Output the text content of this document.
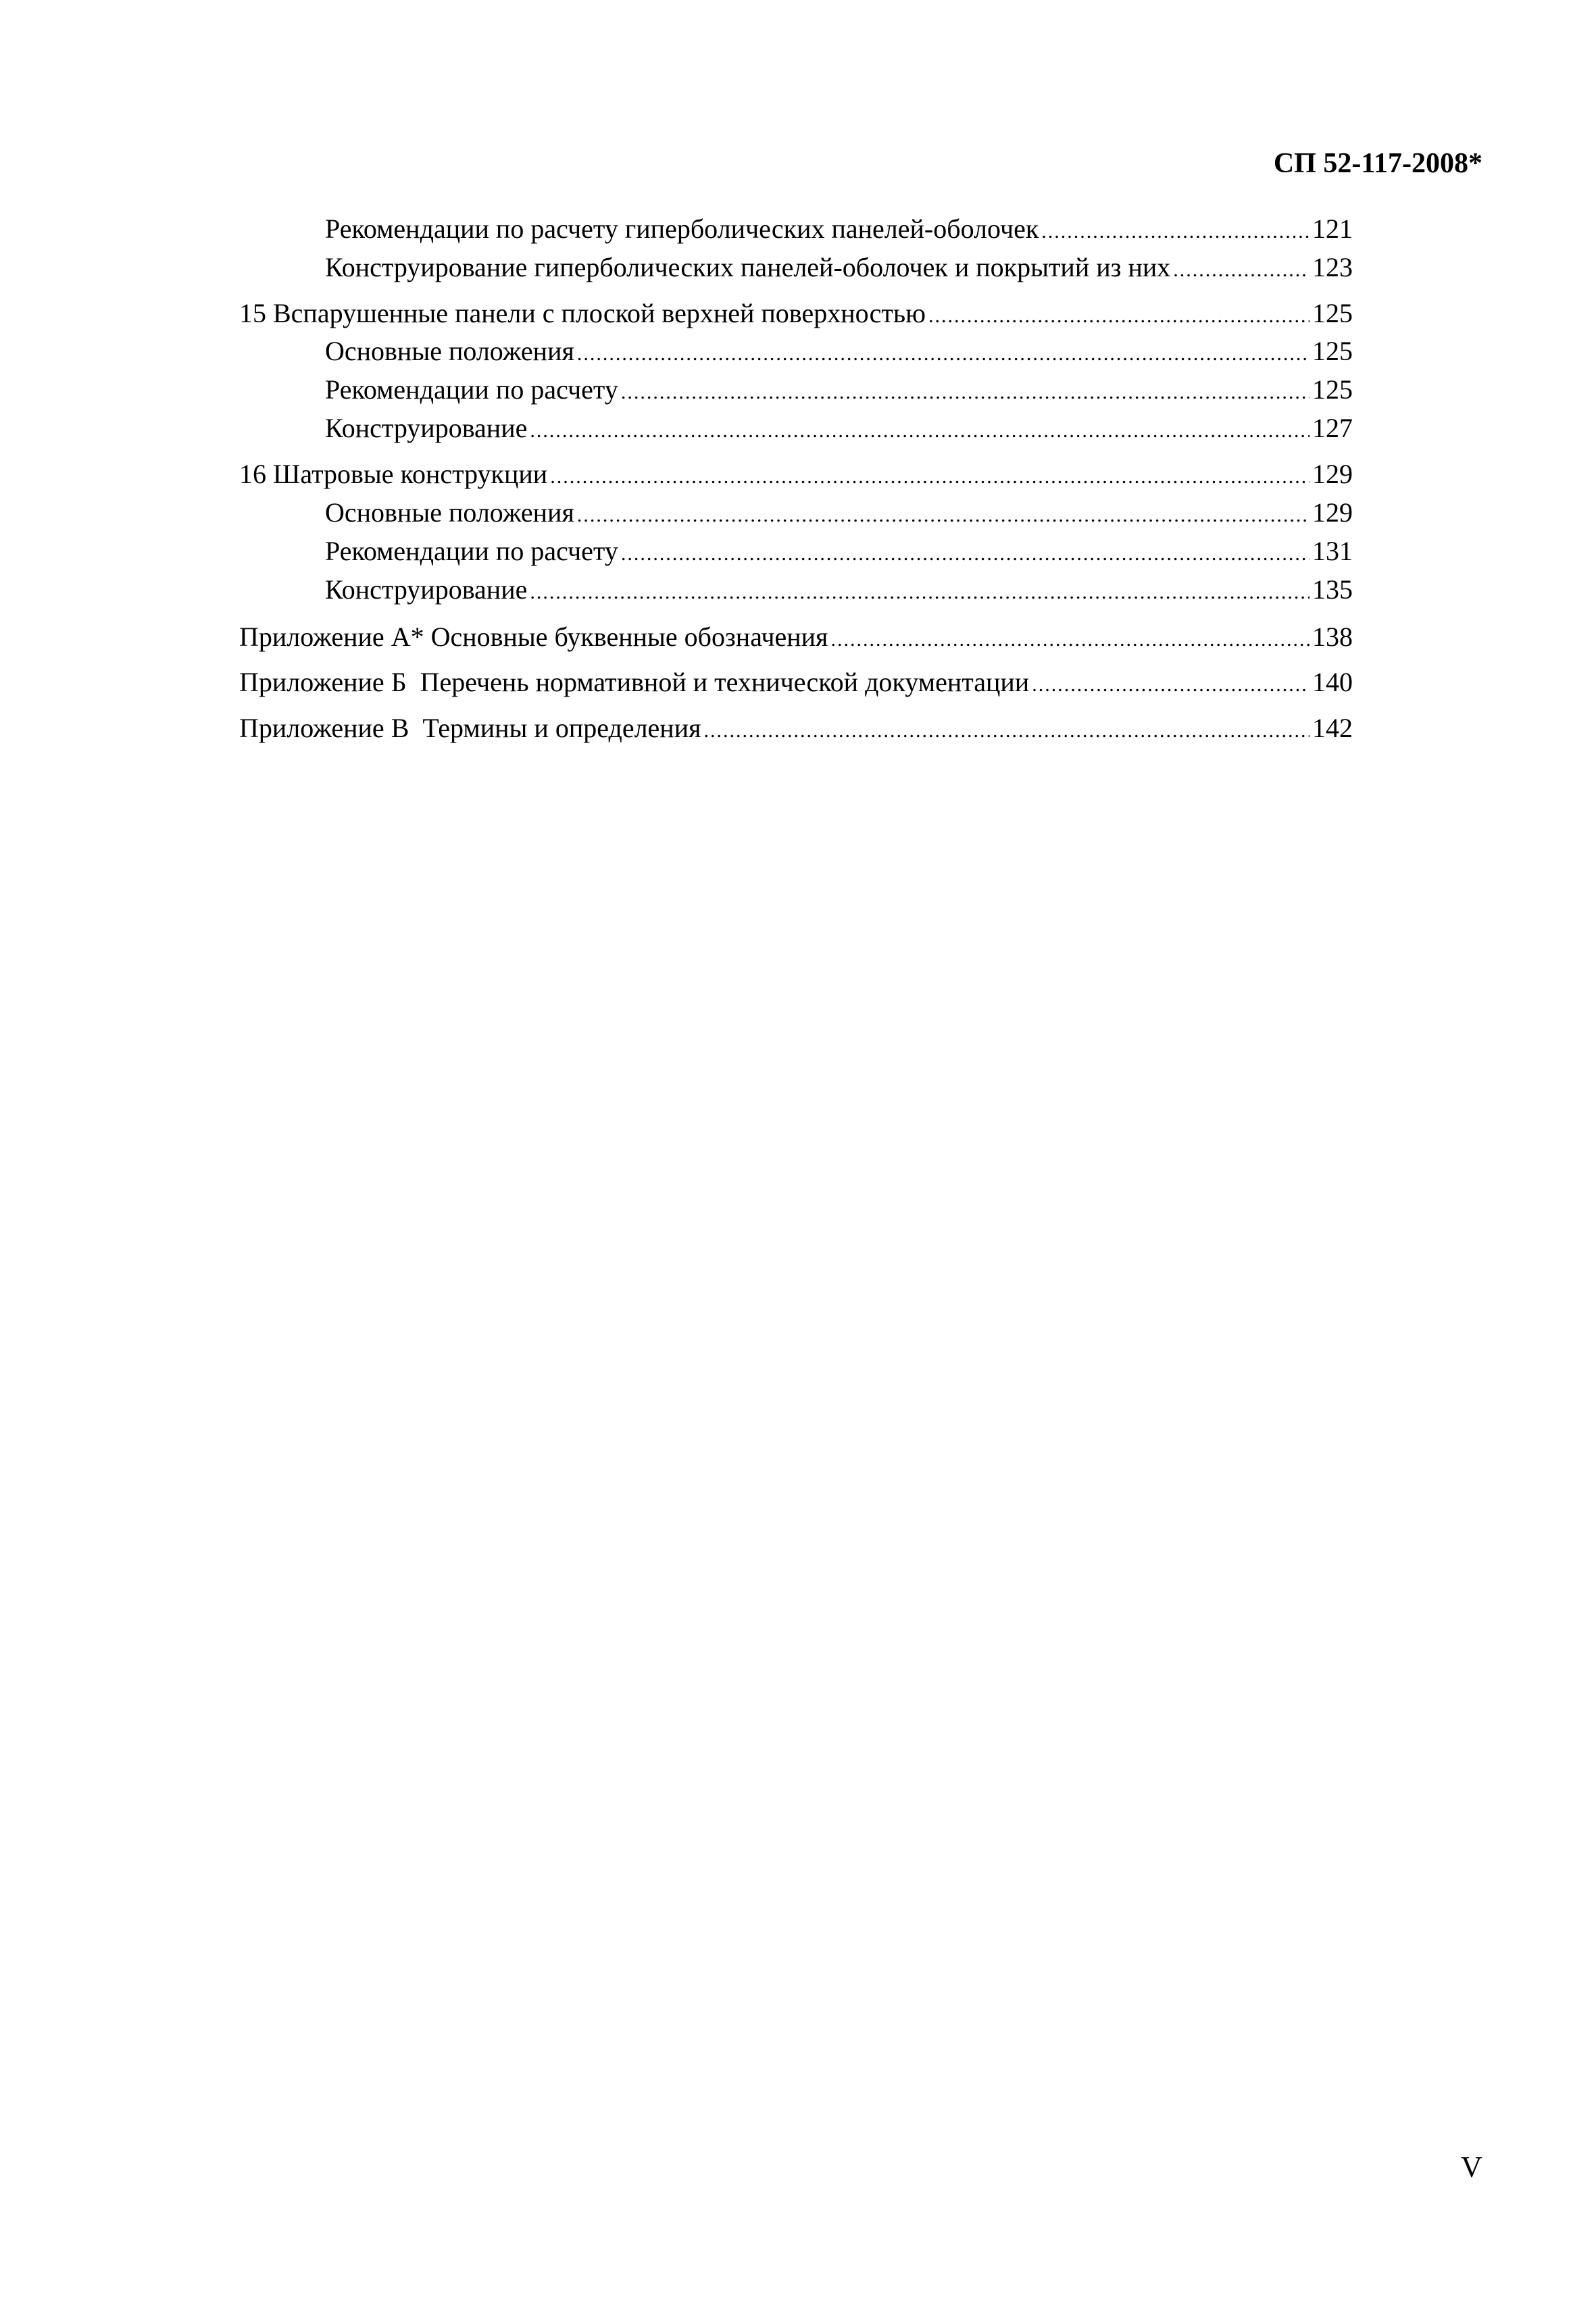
СП 52-117-2008*
Рекомендации по расчету гиперболических панелей-оболочек .....	121
Конструирование гиперболических панелей-оболочек и покрытий из них .....	123
15 Вспарушенные панели с плоской верхней поверхностью .....	125
Основные положения .....	125
Рекомендации по расчету .....	125
Конструирование .....	127
16 Шатровые конструкции .....	129
Основные положения .....	129
Рекомендации по расчету .....	131
Конструирование .....	135
Приложение А* Основные буквенные обозначения .....	138
Приложение Б  Перечень нормативной и технической документации .....	140
Приложение В  Термины и определения .....	142
V
